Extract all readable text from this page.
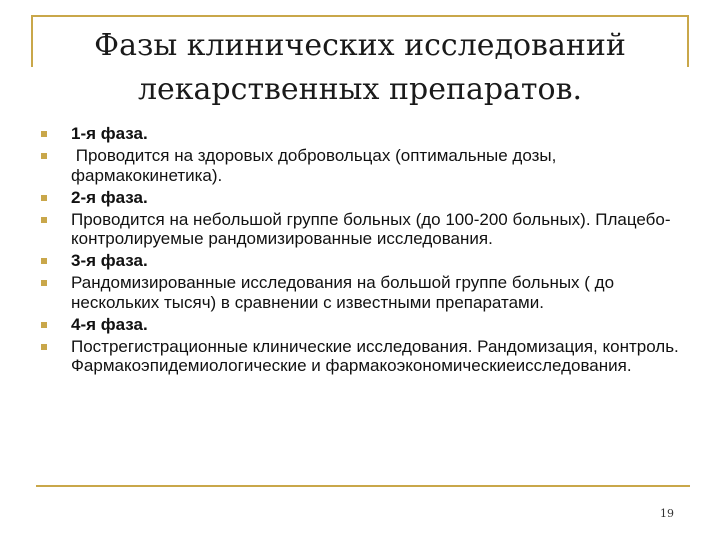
Фазы клинических исследований
лекарственных препаратов.
1-я фаза.
Проводится на здоровых добровольцах (оптимальные дозы, фармакокинетика).
2-я фаза.
Проводится на небольшой группе больных (до 100-200 больных). Плацебо-контролируемые рандомизированные исследования.
3-я фаза.
Рандомизированные исследования на большой группе больных ( до нескольких тысяч) в сравнении с известными препаратами.
4-я фаза.
Пострегистрационные клинические исследования. Рандомизация, контроль. Фармакоэпидемиологические и фармакоэкономическиеисследования.
19
